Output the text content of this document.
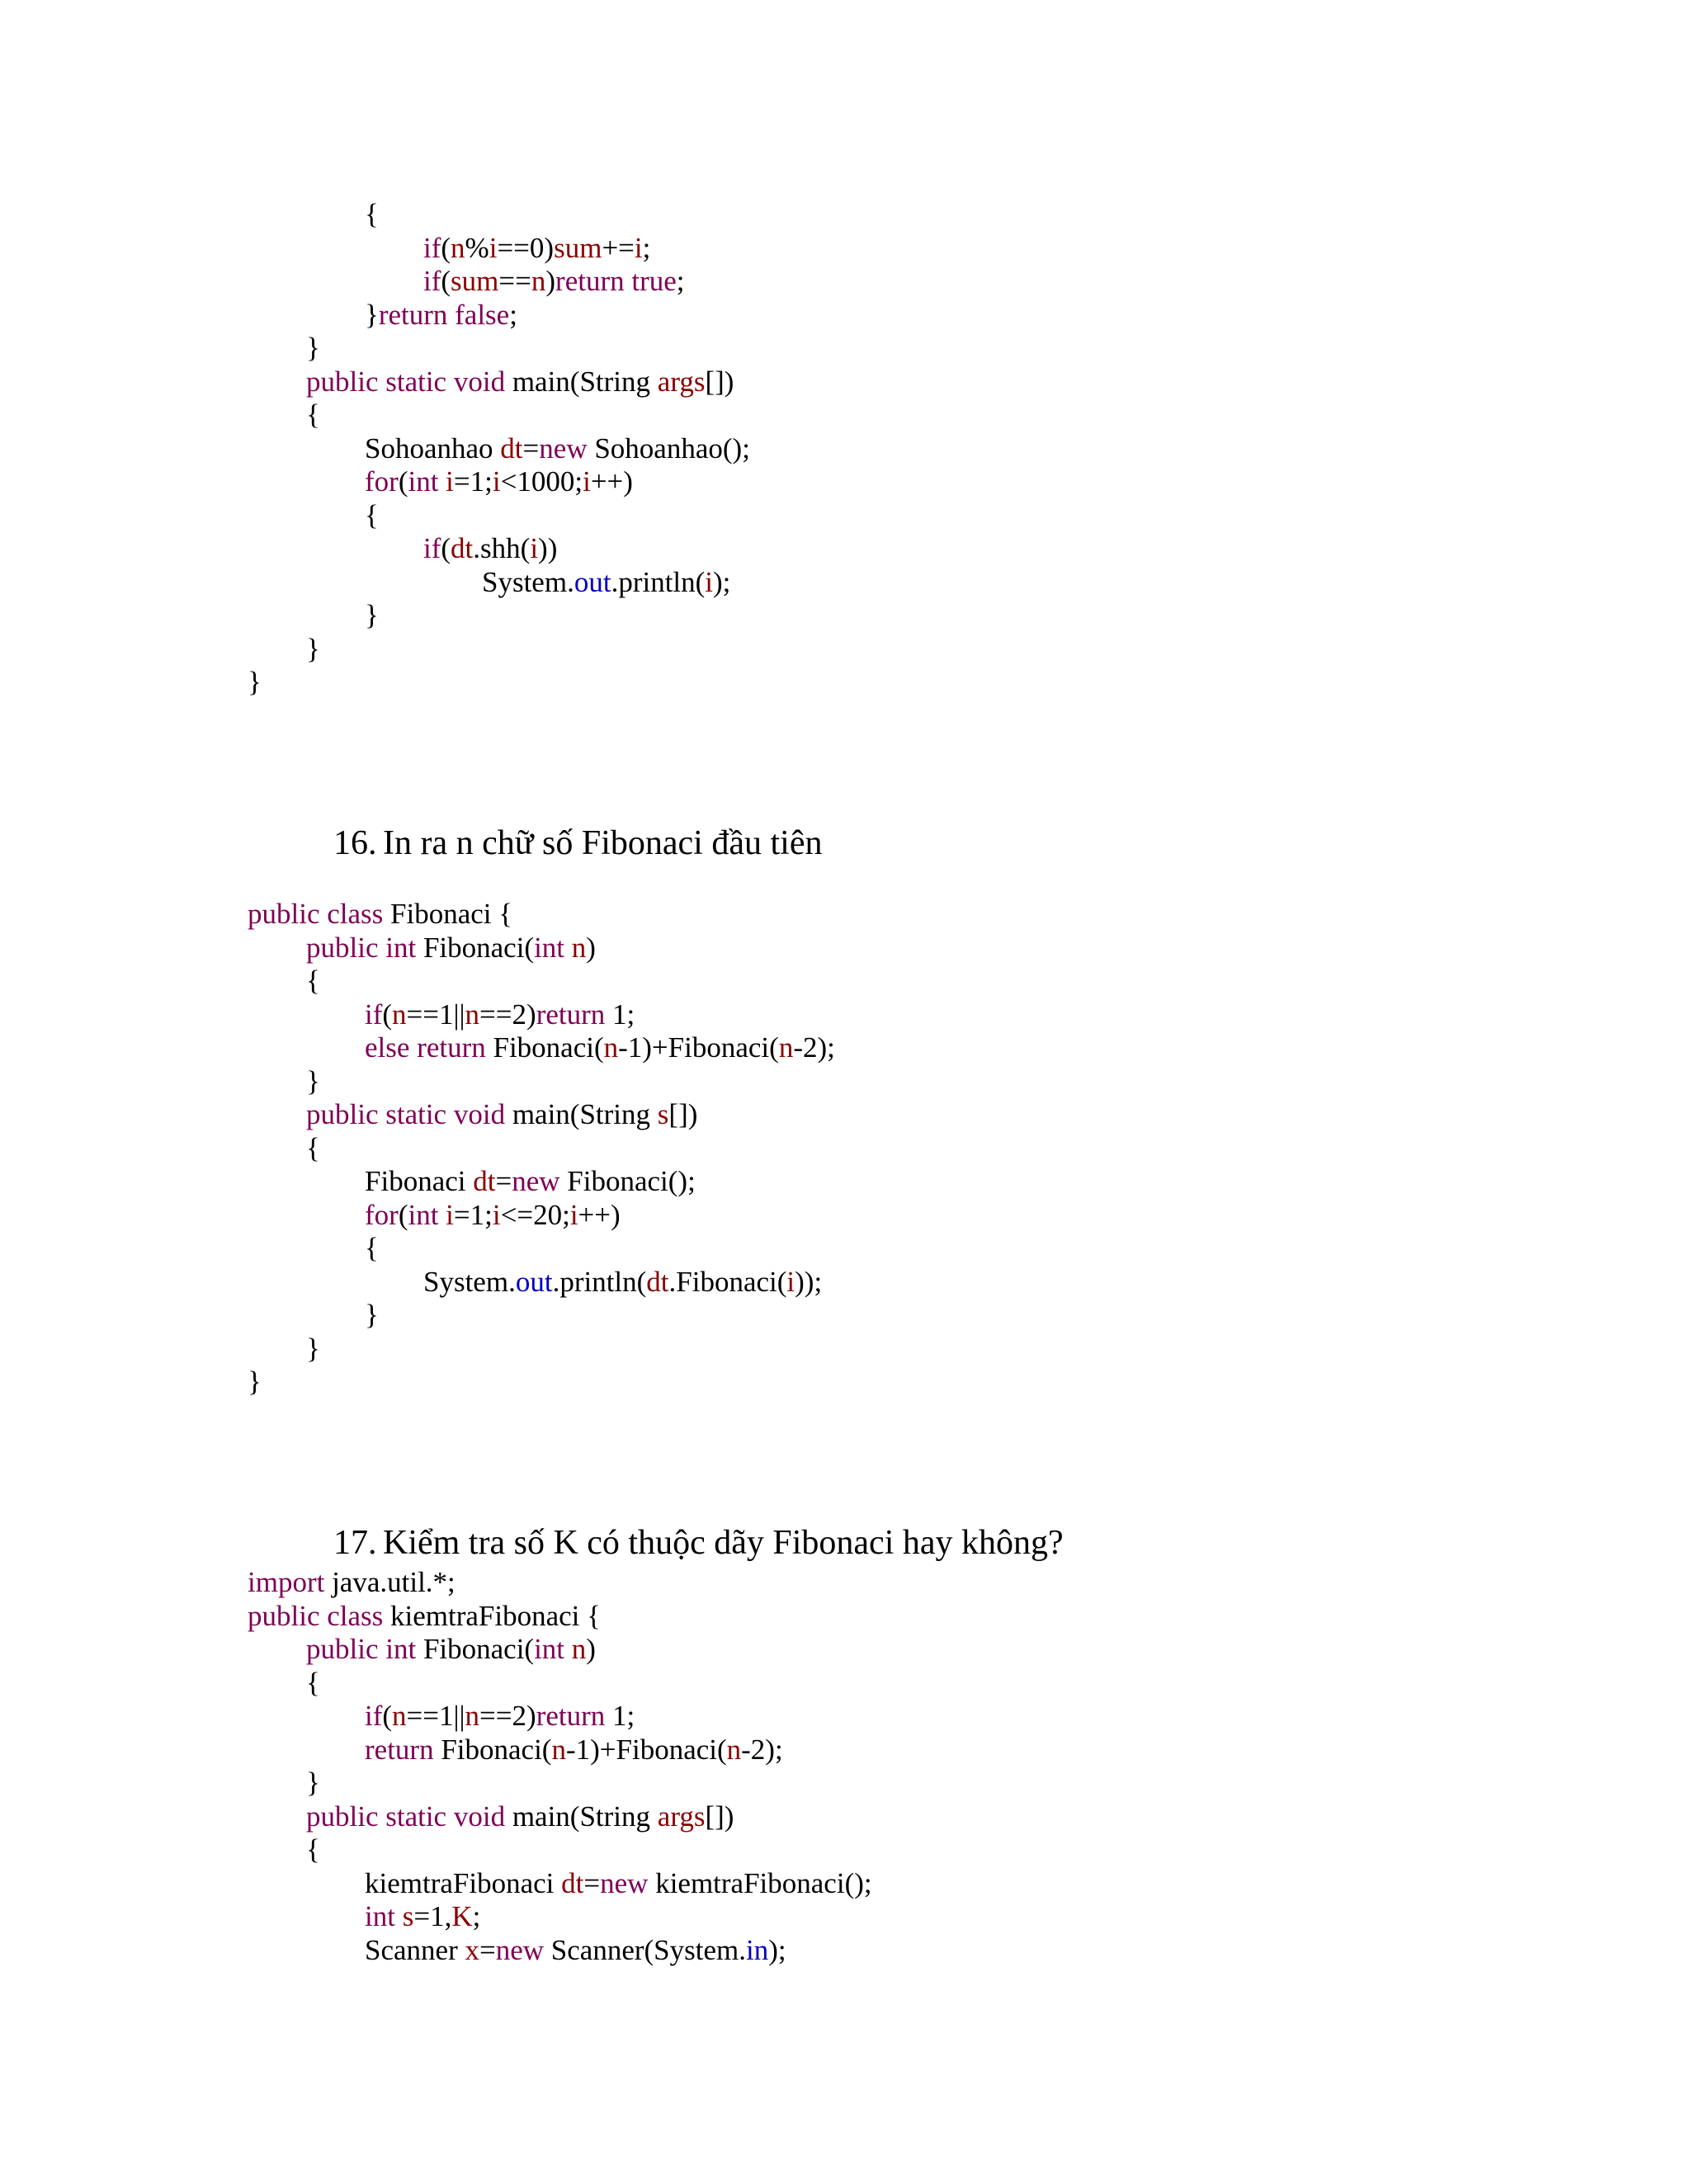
{
if(n%i==0)sum+=i;
if(sum==n)return true;
}return false;
}
public static void main(String args[])
{
Sohoanhao dt=new Sohoanhao();
for(int i=1;i<1000;i++)
{
if(dt.shh(i))
System.out.println(i);
}
}
}

16. In ra n chữ số Fibonaci đầu tiên

public class Fibonaci {
public int Fibonaci(int n)
{
if(n==1||n==2)return 1;
else return Fibonaci(n-1)+Fibonaci(n-2);
}
public static void main(String s[])
{
Fibonaci dt=new Fibonaci();
for(int i=1;i<=20;i++)
{
System.out.println(dt.Fibonaci(i));
}
}
}

17. Kiểm tra số K có thuộc dãy Fibonaci hay không?

import java.util.*;
public class kiemtraFibonaci {
public int Fibonaci(int n)
{
if(n==1||n==2)return 1;
return Fibonaci(n-1)+Fibonaci(n-2);
}
public static void main(String args[])
{
kiemtraFibonaci dt=new kiemtraFibonaci();
int s=1,K;
Scanner x=new Scanner(System.in);
